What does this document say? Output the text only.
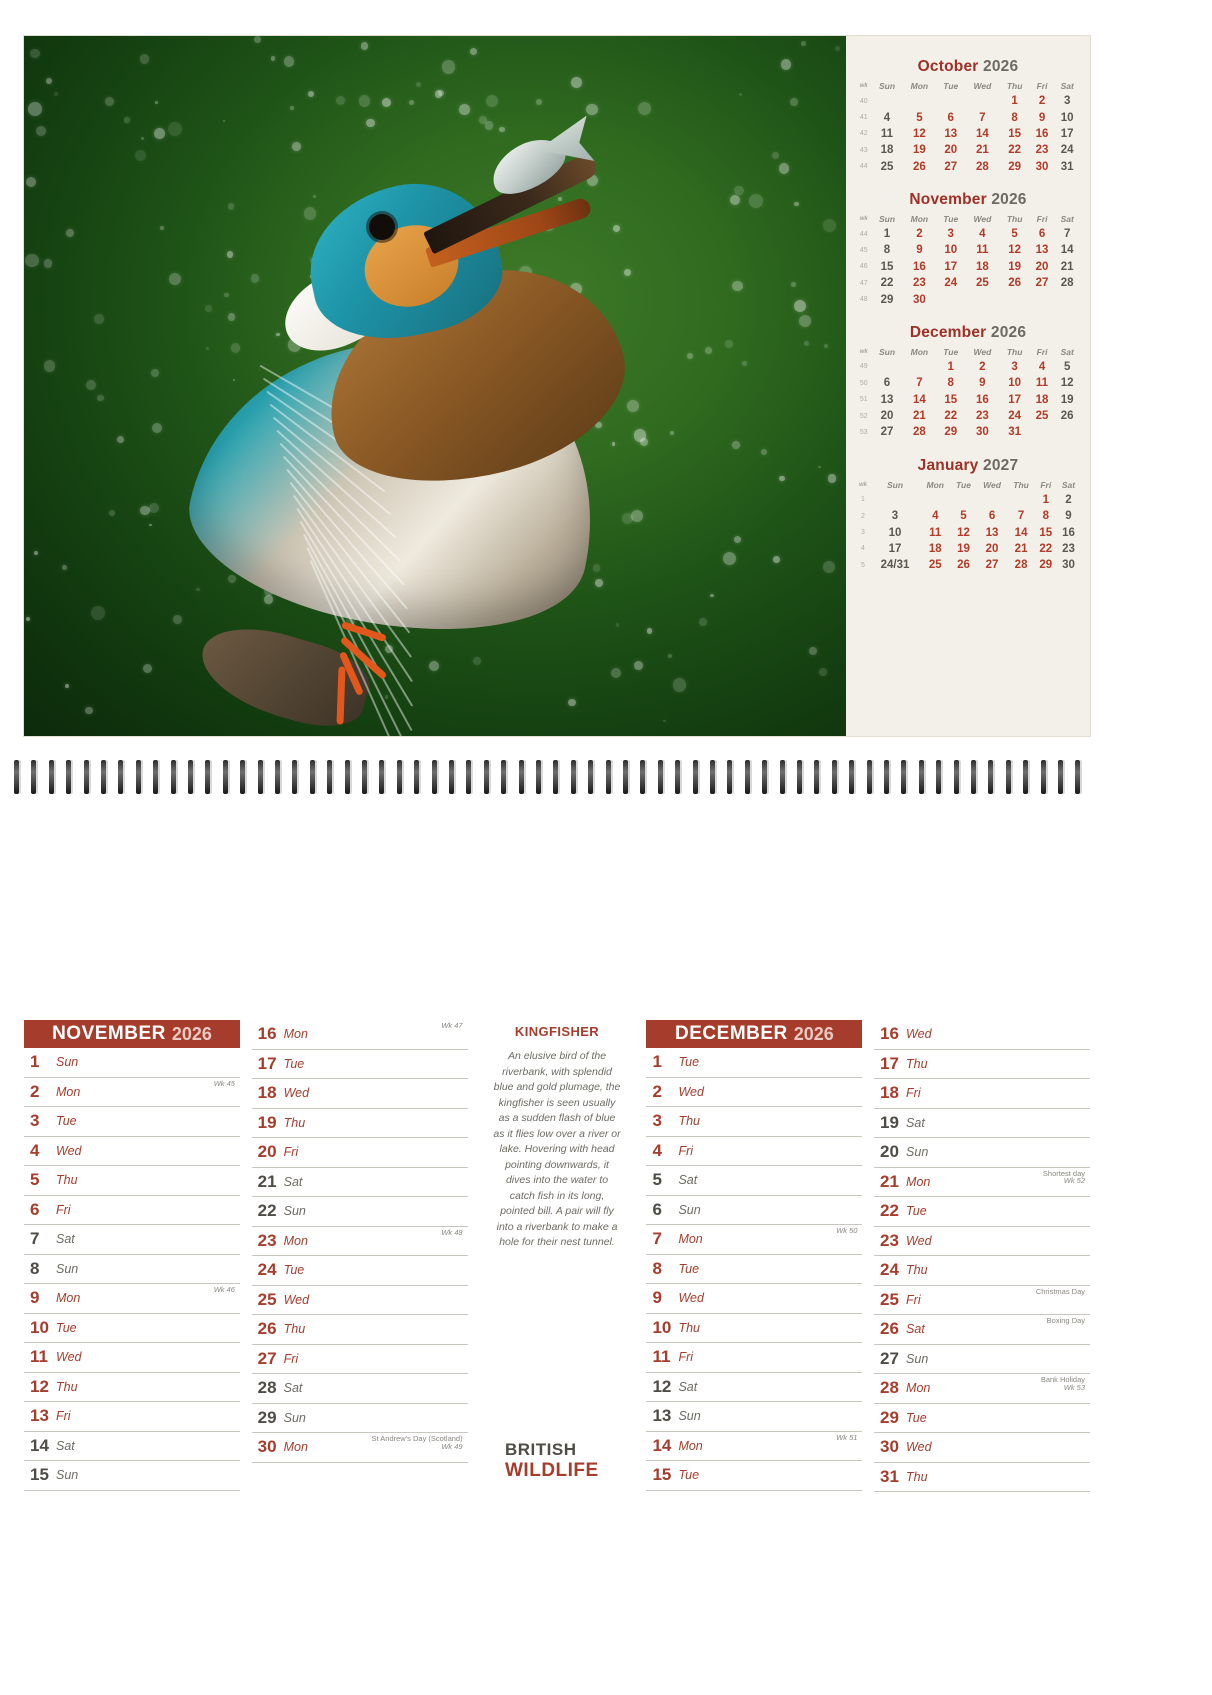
October 2026
wk	Sun	Mon	Tue	Wed	Thu	Fri	Sat
40					1	2	3
41	4	5	6	7	8	9	10
42	11	12	13	14	15	16	17
43	18	19	20	21	22	23	24
44	25	26	27	28	29	30	31
November 2026
wk	Sun	Mon	Tue	Wed	Thu	Fri	Sat
44	1	2	3	4	5	6	7
45	8	9	10	11	12	13	14
46	15	16	17	18	19	20	21
47	22	23	24	25	26	27	28
48	29	30					
December 2026
wk	Sun	Mon	Tue	Wed	Thu	Fri	Sat
49			1	2	3	4	5
50	6	7	8	9	10	11	12
51	13	14	15	16	17	18	19
52	20	21	22	23	24	25	26
53	27	28	29	30	31		
January 2027
wk	Sun	Mon	Tue	Wed	Thu	Fri	Sat
1						1	2
2	3	4	5	6	7	8	9
3	10	11	12	13	14	15	16
4	17	18	19	20	21	22	23
5	24/31	25	26	27	28	29	30
NOVEMBER 2026
1	Sun
2	Mon
Wk 45
3	Tue
4	Wed
5	Thu
6	Fri
7	Sat
8	Sun
9	Mon
Wk 46
10 Tue
11 Wed
12 Thu
13 Fri
14 Sat
15 Sun
16 Mon
Wk 47
17 Tue
18 Wed
19 Thu
20 Fri
21 Sat
22 Sun
23 Mon
Wk 48
24 Tue
25 Wed
26 Thu
27 Fri
28 Sat
29 Sun
30 Mon
St Andrew's Day (Scotland)
Wk 49
KINGFISHER
An elusive bird of the riverbank, with splendid blue and gold plumage, the kingfisher is seen usually as a sudden flash of blue as it flies low over a river or lake. Hovering with head pointing downwards, it dives into the water to catch fish in its long, pointed bill. A pair will fly into a riverbank to make a hole for their nest tunnel.
DECEMBER 2026
1	Tue
2	Wed
3	Thu
4	Fri
5	Sat
6	Sun
7	Mon
Wk 50
8	Tue
9	Wed
10 Thu
11 Fri
12 Sat
13 Sun
14 Mon
Wk 51
15 Tue
16 Wed
17 Thu
18 Fri
19 Sat
20 Sun
21 Mon
Shortest day
Wk 52
22 Tue
23 Wed
24 Thu
25 Fri
Christmas Day
26 Sat
Boxing Day
27 Sun
28 Mon
Bank Holiday
Wk 53
29 Tue
30 Wed
31 Thu
BRITISH
WILDLIFE
